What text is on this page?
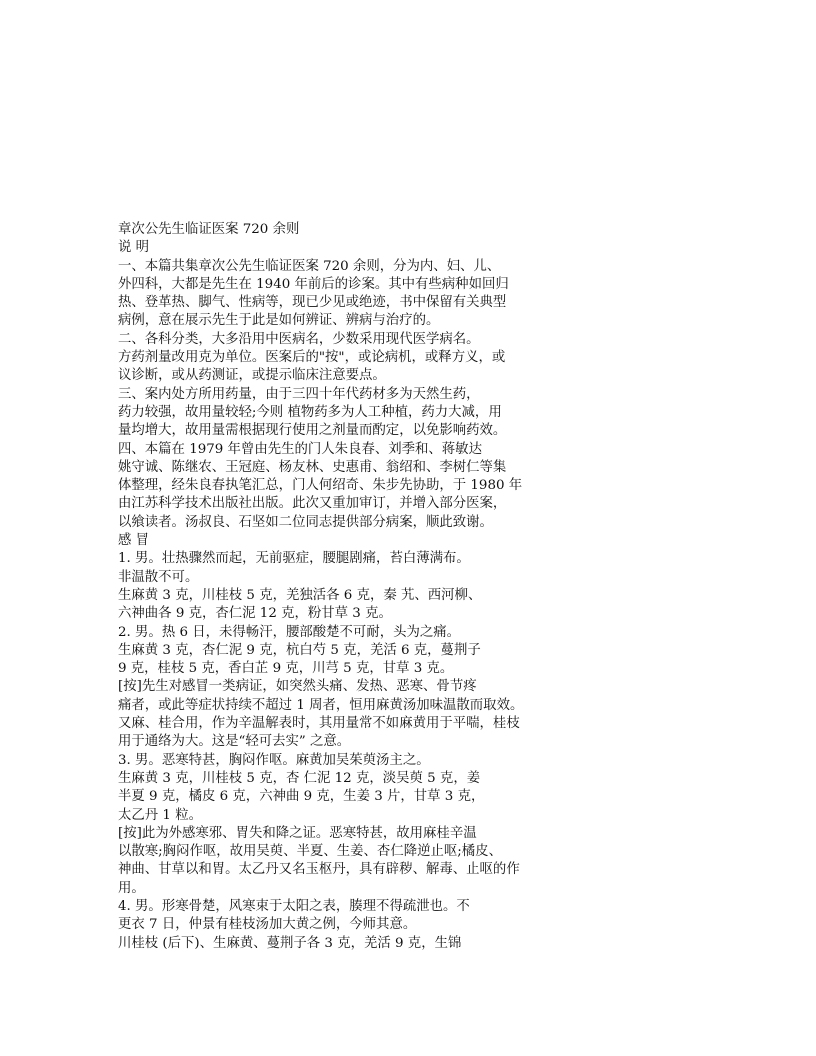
章次公先生临证医案 720 余则
说 明
一、本篇共集章次公先生临证医案 720 余则，分为内、妇、儿、
外四科，大都是先生在 1940 年前后的诊案。其中有些病种如回归
热、登革热、脚气、性病等，现已少见或绝迹，书中保留有关典型
病例，意在展示先生于此是如何辨证、辨病与治疗的。
二、各科分类，大多沿用中医病名，少数采用现代医学病名。
方药剂量改用克为单位。医案后的"按"，或论病机，或释方义，或
议诊断，或从药测证，或提示临床注意要点。
三、案内处方所用药量，由于三四十年代药材多为天然生药，
药力较强，故用量较轻;今则 植物药多为人工种植，药力大减，用
量均增大，故用量需根据现行使用之剂量而酌定，以免影响药效。
四、本篇在 1979 年曾由先生的门人朱良春、刘季和、蒋敏达
姚守诚、陈继农、王冠庭、杨友林、史惠甫、翁绍和、李树仁等集
体整理，经朱良春执笔汇总，门人何绍奇、朱步先协助，于 1980 年
由江苏科学技术出版社出版。此次又重加审订，并增入部分医案，
以飨读者。汤叔良、石坚如二位同志提供部分病案，顺此致谢。
感 冒
1. 男。壮热骤然而起，无前驱症，腰腿剧痛，苔白薄满布。
非温散不可。
生麻黄 3 克，川桂枝 5 克，羌独活各 6 克，秦 艽、西河柳、
六神曲各 9 克，杏仁泥 12 克，粉甘草 3 克。
2. 男。热 6 日，未得畅汗，腰部酸楚不可耐，头为之痛。
生麻黄 3 克，杏仁泥 9 克，杭白芍 5 克，羌活 6 克，蔓荆子
9 克，桂枝 5 克，香白芷 9 克，川芎 5 克，甘草 3 克。
[按]先生对感冒一类病证，如突然头痛、发热、恶寒、骨节疼
痛者，或此等症状持续不超过 1 周者，恒用麻黄汤加味温散而取效。
又麻、桂合用，作为辛温解表时，其用量常不如麻黄用于平喘，桂枝
用于通络为大。这是“轻可去实” 之意。
3. 男。恶寒特甚，胸闷作呕。麻黄加吴茱萸汤主之。
生麻黄 3 克，川桂枝 5 克，杏 仁泥 12 克，淡吴萸 5 克，姜
半夏 9 克，橘皮 6 克，六神曲 9 克，生姜 3 片，甘草 3 克，
太乙丹 1 粒。
[按]此为外感寒邪、胃失和降之证。恶寒特甚，故用麻桂辛温
以散寒;胸闷作呕，故用吴萸、半夏、生姜、杏仁降逆止呕;橘皮、
神曲、甘草以和胃。太乙丹又名玉枢丹，具有辟秽、解毒、止呕的作
用。
4. 男。形寒骨楚，风寒束于太阳之表，腠理不得疏泄也。不
更衣 7 日，仲景有桂枝汤加大黄之例，今师其意。
川桂枝 (后下)、生麻黄、蔓荆子各 3 克，羌活 9 克，生锦
